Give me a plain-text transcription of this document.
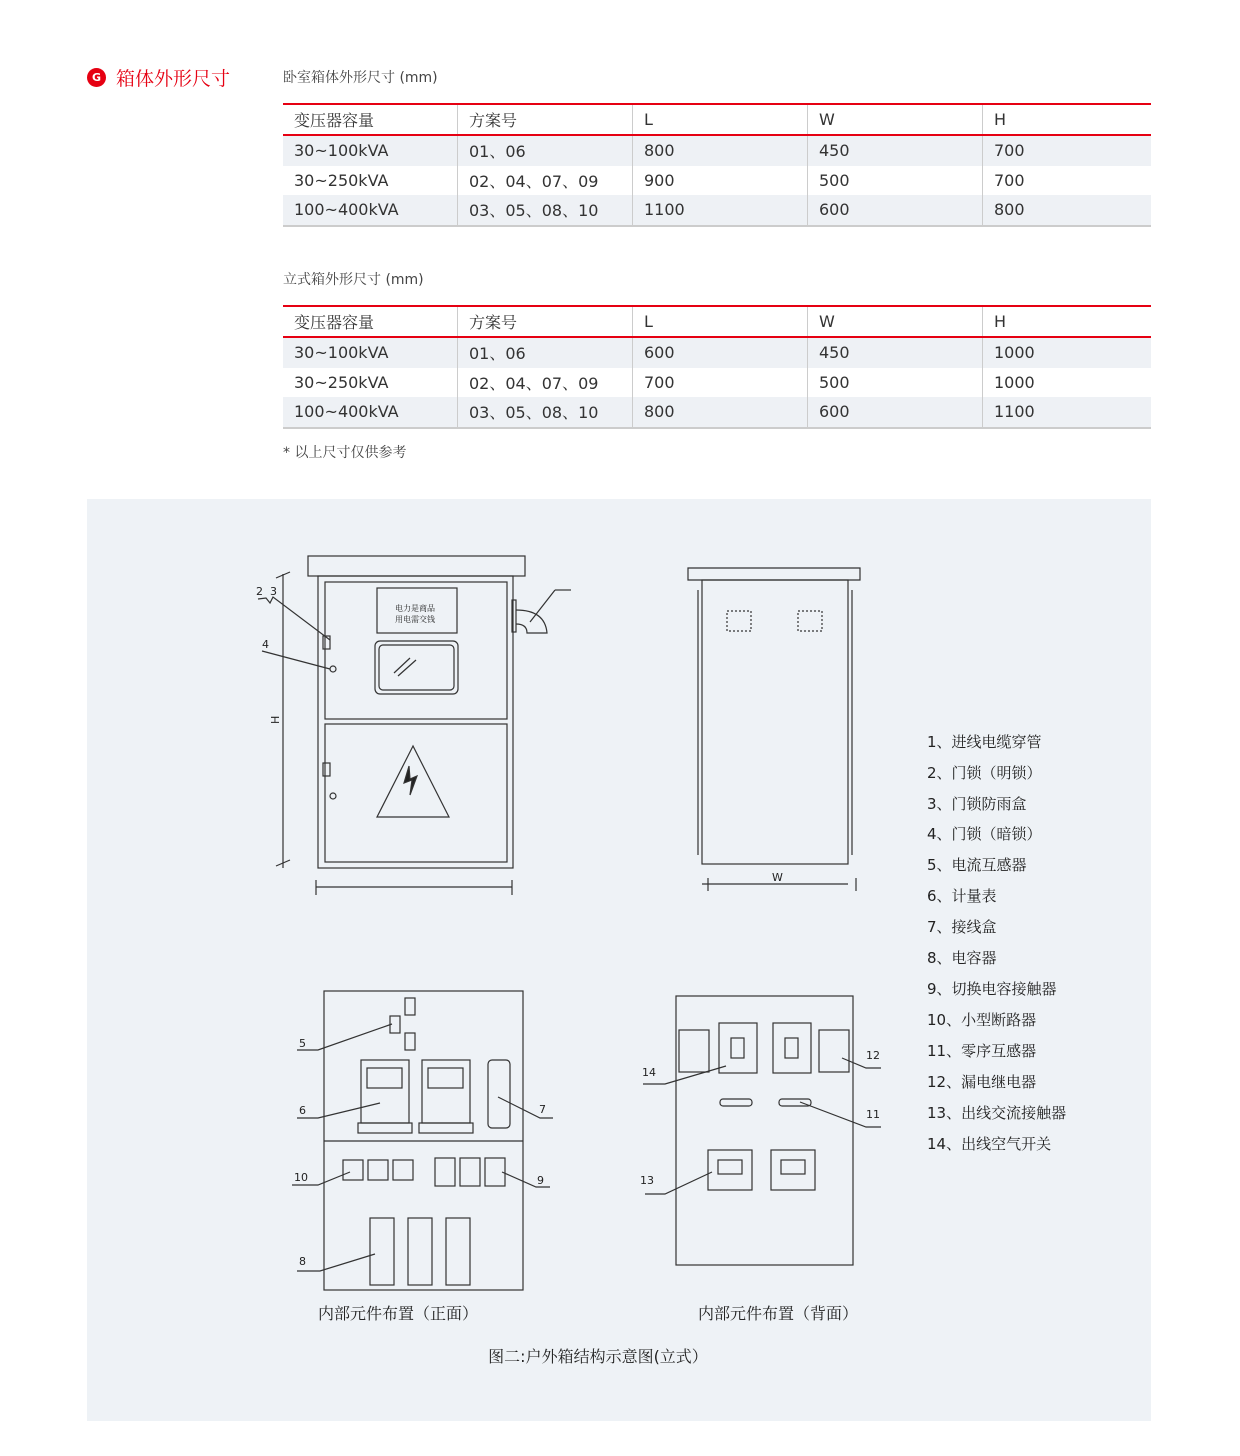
G 箱体外形尺寸	卧室箱体外形尺寸 (mm)
变压器容量	方案号	L	W	H
30~100kVA	01、06	800	450	700
30~250kVA	02、04、07、09	900	500	700
100~400kVA	03、05、08、10	1100	600	800
立式箱外形尺寸 (mm)
变压器容量	方案号	L	W	H
30~100kVA	01、06	600	450	1000
30~250kVA	02、04、07、09	700	500	1000
100~400kVA	03、05、08、10	800	600	1100
* 以上尺寸仅供参考
电力是商品
用电需交钱
2 3
4
H
W
5
6	7
10	9
8
14
12
11
13
1、进线电缆穿管
2、门锁（明锁）
3、门锁防雨盒
4、门锁（暗锁）
5、电流互感器
6、计量表
7、接线盒
8、电容器
9、切换电容接触器
10、小型断路器
11、零序互感器
12、漏电继电器
13、出线交流接触器
14、出线空气开关
内部元件布置（正面）	内部元件布置（背面）
图二:户外箱结构示意图(立式）
